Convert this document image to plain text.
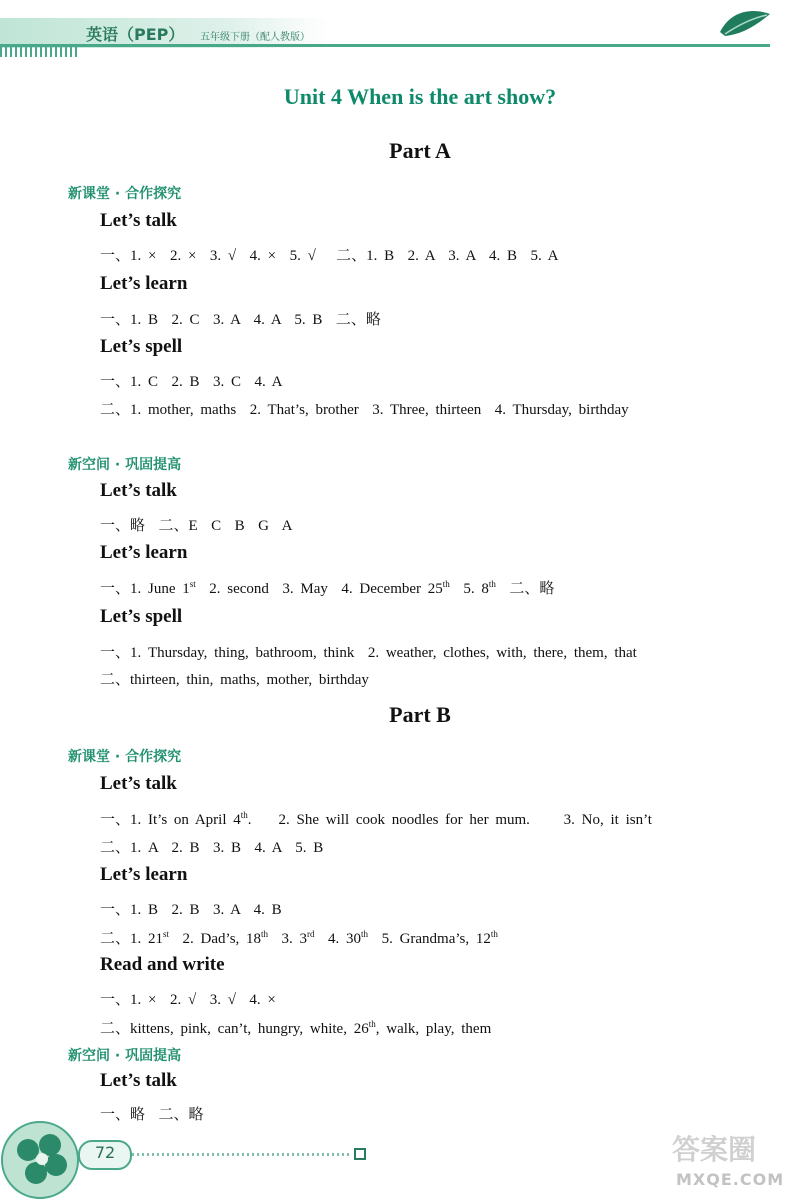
英语（PEP） 五年级下册（配人教版）
Unit 4 When is the art show?
Part A
新课堂 · 合作探究
Let’s talk
一、1. ×  2. ×  3. √  4. ×  5. √   二、1. B  2. A  3. A  4. B  5. A
Let’s learn
一、1. B  2. C  3. A  4. A  5. B  二、略
Let’s spell
一、1. C  2. B  3. C  4. A
二、1. mother, maths  2. That’s, brother  3. Three, thirteen  4. Thursday, birthday
新空间 · 巩固提高
Let’s talk
一、略  二、E  C  B  G  A
Let’s learn
一、1. June 1st  2. second  3. May  4. December 25th  5. 8th  二、略
Let’s spell
一、1. Thursday, thing, bathroom, think  2. weather, clothes, with, there, them, that
二、thirteen, thin, maths, mother, birthday
Part B
新课堂 · 合作探究
Let’s talk
一、1. It’s on April 4th.    2. She will cook noodles for her mum.     3. No, it isn’t
二、1. A  2. B  3. B  4. A  5. B
Let’s learn
一、1. B  2. B  3. A  4. B
二、1. 21st  2. Dad’s, 18th  3. 3rd  4. 30th  5. Grandma’s, 12th
Read and write
一、1. ×  2. √  3. √  4. ×
二、kittens, pink, can’t, hungry, white, 26th, walk, play, them
新空间 · 巩固提高
Let’s talk
一、略  二、略
72	答案圈
MXQE.COM
